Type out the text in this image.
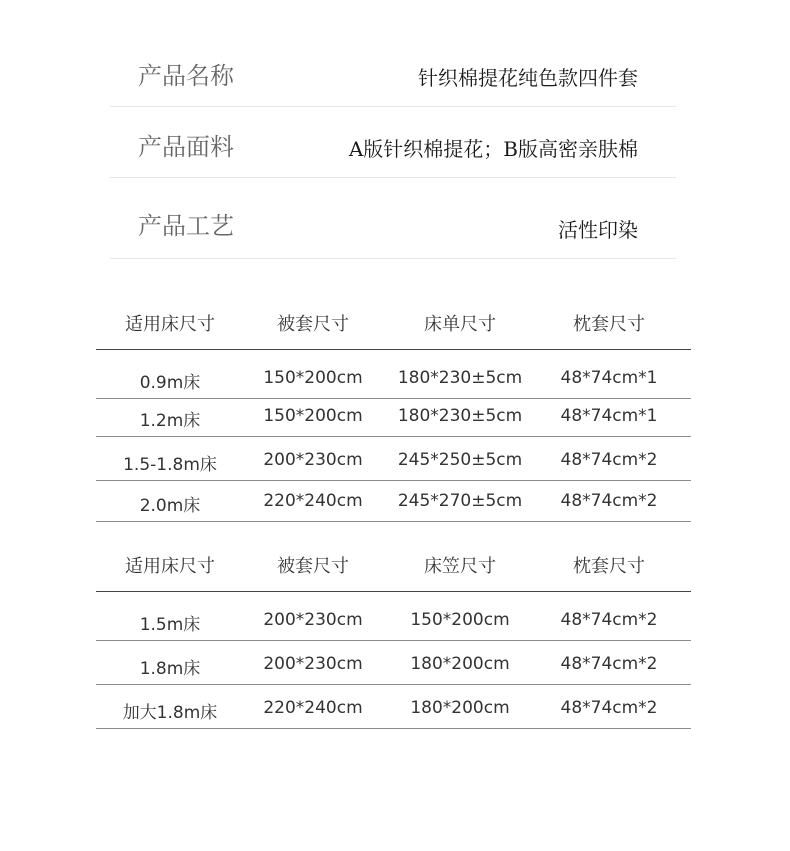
产品名称	针织棉提花纯色款四件套
产品面料	A版针织棉提花；B版高密亲肤棉
产品工艺	活性印染
适用床尺寸	被套尺寸	床单尺寸	枕套尺寸
0.9m床	150*200cm	180*230±5cm	48*74cm*1
1.2m床	150*200cm	180*230±5cm	48*74cm*1
1.5-1.8m床	200*230cm	245*250±5cm	48*74cm*2
2.0m床	220*240cm	245*270±5cm	48*74cm*2
适用床尺寸	被套尺寸	床笠尺寸	枕套尺寸
1.5m床	200*230cm	150*200cm	48*74cm*2
1.8m床	200*230cm	180*200cm	48*74cm*2
加大1.8m床	220*240cm	180*200cm	48*74cm*2
